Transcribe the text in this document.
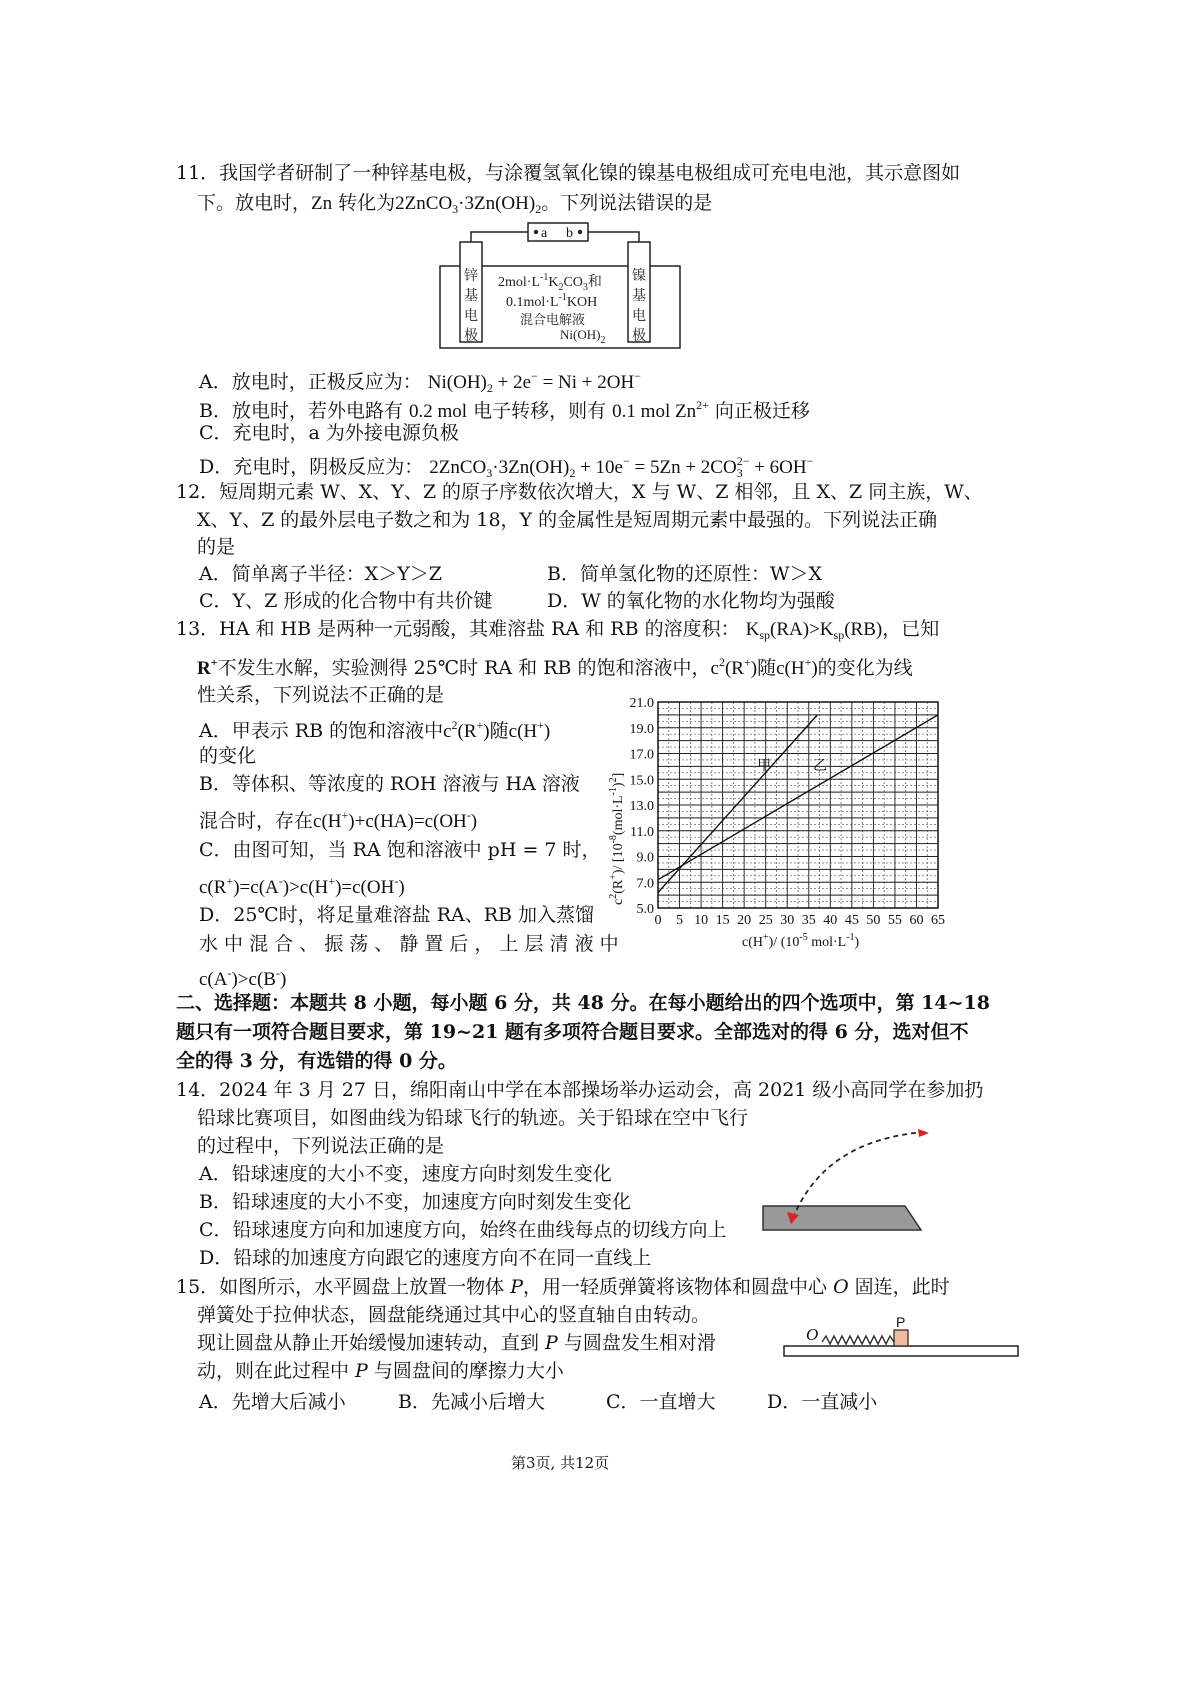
11．我国学者研制了一种锌基电极，与涂覆氢氧化镍的镍基电极组成可充电电池，其示意图如
下。放电时，Zn 转化为$2ZnCO_3\cdot 3Zn(OH)_2$。下列说法错误的是
a b
锌
基
电
极
镍
基
电
极
$2mol\cdot L^{-1}K_2CO_3$和
$0.1mol\cdot L^{-1}KOH$
混合电解液
$Ni(OH)_2$
A．放电时，正极反应为： $Ni(OH)_2 + 2e^- = Ni + 2OH^-$
B．放电时，若外电路有 0.2 mol 电子转移，则有 0.1 mol $Zn^{2+}$ 向正极迁移
C．充电时，a 为外接电源负极
D．充电时，阴极反应为： $2ZnCO_3\cdot 3Zn(OH)_2 + 10e^- = 5Zn + 2CO_3^{2-} + 6OH^-$
12．短周期元素 W、X、Y、Z 的原子序数依次增大，X 与 W、Z 相邻，且 X、Z 同主族，W、
X、Y、Z 的最外层电子数之和为 18，Y 的金属性是短周期元素中最强的。下列说法正确
的是
A．简单离子半径：X＞Y＞Z	B．简单氢化物的还原性：W＞X
C．Y、Z 形成的化合物中有共价键	D．W 的氧化物的水化物均为强酸
13．HA 和 HB 是两种一元弱酸，其难溶盐 RA 和 RB 的溶度积： $K_{sp}(RA)>K_{sp}(RB)$，已知
R+不发生水解，实验测得 25℃时 RA 和 RB 的饱和溶液中，$c^2(R^+)$随c(H+)的变化为线
性关系，下列说法不正确的是
A．甲表示 RB 的饱和溶液中$c^2(R^+)$随c(H+)
的变化
B．等体积、等浓度的 ROH 溶液与 HA 溶液
混合时，存在c(H+)+c(HA)=c(OH-)
C．由图可知，当 RA 饱和溶液中 pH = 7 时，
c(R+)=c(A-)>c(H+)=c(OH-)
D．25℃时，将足量难溶盐 RA、RB 加入蒸馏
水 中 混 合 、 振 荡 、 静 置 后 ， 上 层 清 液 中
c(A-)>c(B-)
0 5 10 15 20 25 30 35 40 45 50 55 60 65
5.0
7.0
9.0
11.0
13.0
15.0
17.0
19.0
21.0
甲	乙
$c^2(R^+)/$ $[10^{-8}(mol\cdot L^{-1})^2]$
c(H+)/ ($10^{-5}$ $mol\cdot L^{-1}$)
二、选择题：本题共 8 小题，每小题 6 分，共 48 分。在每小题给出的四个选项中，第 14~18
题只有一项符合题目要求，第 19~21 题有多项符合题目要求。全部选对的得 6 分，选对但不
全的得 3 分，有选错的得 0 分。
14．2024 年 3 月 27 日，绵阳南山中学在本部操场举办运动会，高 2021 级小高同学在参加扔
铅球比赛项目，如图曲线为铅球飞行的轨迹。关于铅球在空中飞行
的过程中，下列说法正确的是
A．铅球速度的大小不变，速度方向时刻发生变化
B．铅球速度的大小不变，加速度方向时刻发生变化
C．铅球速度方向和加速度方向，始终在曲线每点的切线方向上
D．铅球的加速度方向跟它的速度方向不在同一直线上
15．如图所示，水平圆盘上放置一物体 P，用一轻质弹簧将该物体和圆盘中心 O 固连，此时
弹簧处于拉伸状态，圆盘能绕通过其中心的竖直轴自由转动。
现让圆盘从静止开始缓慢加速转动，直到 P 与圆盘发生相对滑
动，则在此过程中 P 与圆盘间的摩擦力大小
O
P
A．先增大后减小	B．先减小后增大	C．一直增大	D．一直减小
第3页, 共12页
